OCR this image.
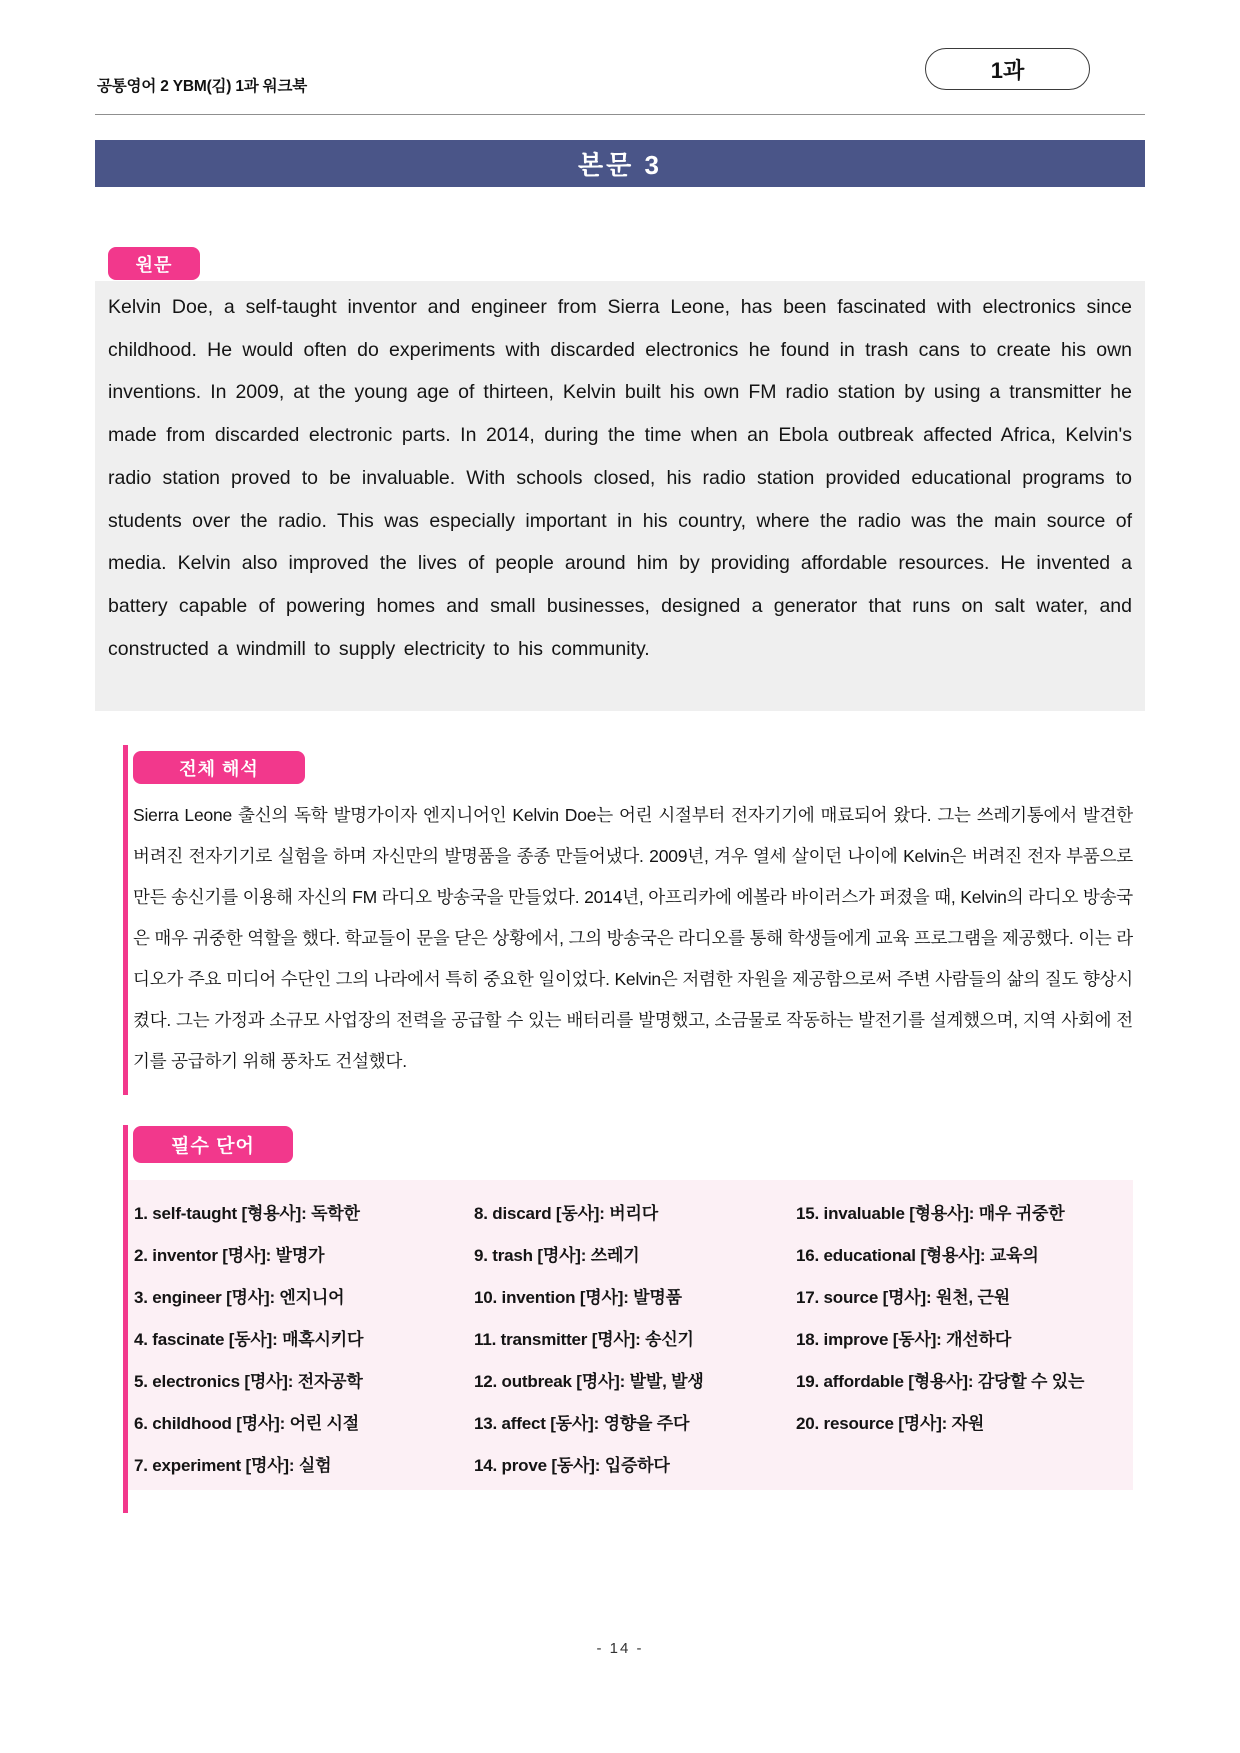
공통영어 2 YBM(김) 1과 워크북
1과
본문 3
원문

Kelvin Doe, a self-taught inventor and engineer from Sierra Leone, has been fascinated with electronics since childhood. He would often do experiments with discarded electronics he found in trash cans to create his own inventions. In 2009, at the young age of thirteen, Kelvin built his own FM radio station by using a transmitter he made from discarded electronic parts. In 2014, during the time when an Ebola outbreak affected Africa, Kelvin's radio station proved to be invaluable. With schools closed, his radio station provided educational programs to students over the radio. This was especially important in his country, where the radio was the main source of media. Kelvin also improved the lives of people around him by providing affordable resources. He invented a battery capable of powering homes and small businesses, designed a generator that runs on salt water, and constructed a windmill to supply electricity to his community.

전체 해석

Sierra Leone 출신의 독학 발명가이자 엔지니어인 Kelvin Doe는 어린 시절부터 전자기기에 매료되어 왔다. 그는 쓰레기통에서 발견한 버려진 전자기기로 실험을 하며 자신만의 발명품을 종종 만들어냈다. 2009년, 겨우 열세 살이던 나이에 Kelvin은 버려진 전자 부품으로 만든 송신기를 이용해 자신의 FM 라디오 방송국을 만들었다. 2014년, 아프리카에 에볼라 바이러스가 퍼졌을 때, Kelvin의 라디오 방송국은 매우 귀중한 역할을 했다. 학교들이 문을 닫은 상황에서, 그의 방송국은 라디오를 통해 학생들에게 교육 프로그램을 제공했다. 이는 라디오가 주요 미디어 수단인 그의 나라에서 특히 중요한 일이었다. Kelvin은 저렴한 자원을 제공함으로써 주변 사람들의 삶의 질도 향상시켰다. 그는 가정과 소규모 사업장의 전력을 공급할 수 있는 배터리를 발명했고, 소금물로 작동하는 발전기를 설계했으며, 지역 사회에 전기를 공급하기 위해 풍차도 건설했다.

필수 단어
1. self-taught [형용사]: 독학한
2. inventor [명사]: 발명가
3. engineer [명사]: 엔지니어
4. fascinate [동사]: 매혹시키다
5. electronics [명사]: 전자공학
6. childhood [명사]: 어린 시절
7. experiment [명사]: 실험
8. discard [동사]: 버리다
9. trash [명사]: 쓰레기
10. invention [명사]: 발명품
11. transmitter [명사]: 송신기
12. outbreak [명사]: 발발, 발생
13. affect [동사]: 영향을 주다
14. prove [동사]: 입증하다
15. invaluable [형용사]: 매우 귀중한
16. educational [형용사]: 교육의
17. source [명사]: 원천, 근원
18. improve [동사]: 개선하다
19. affordable [형용사]: 감당할 수 있는
20. resource [명사]: 자원
- 14 -
